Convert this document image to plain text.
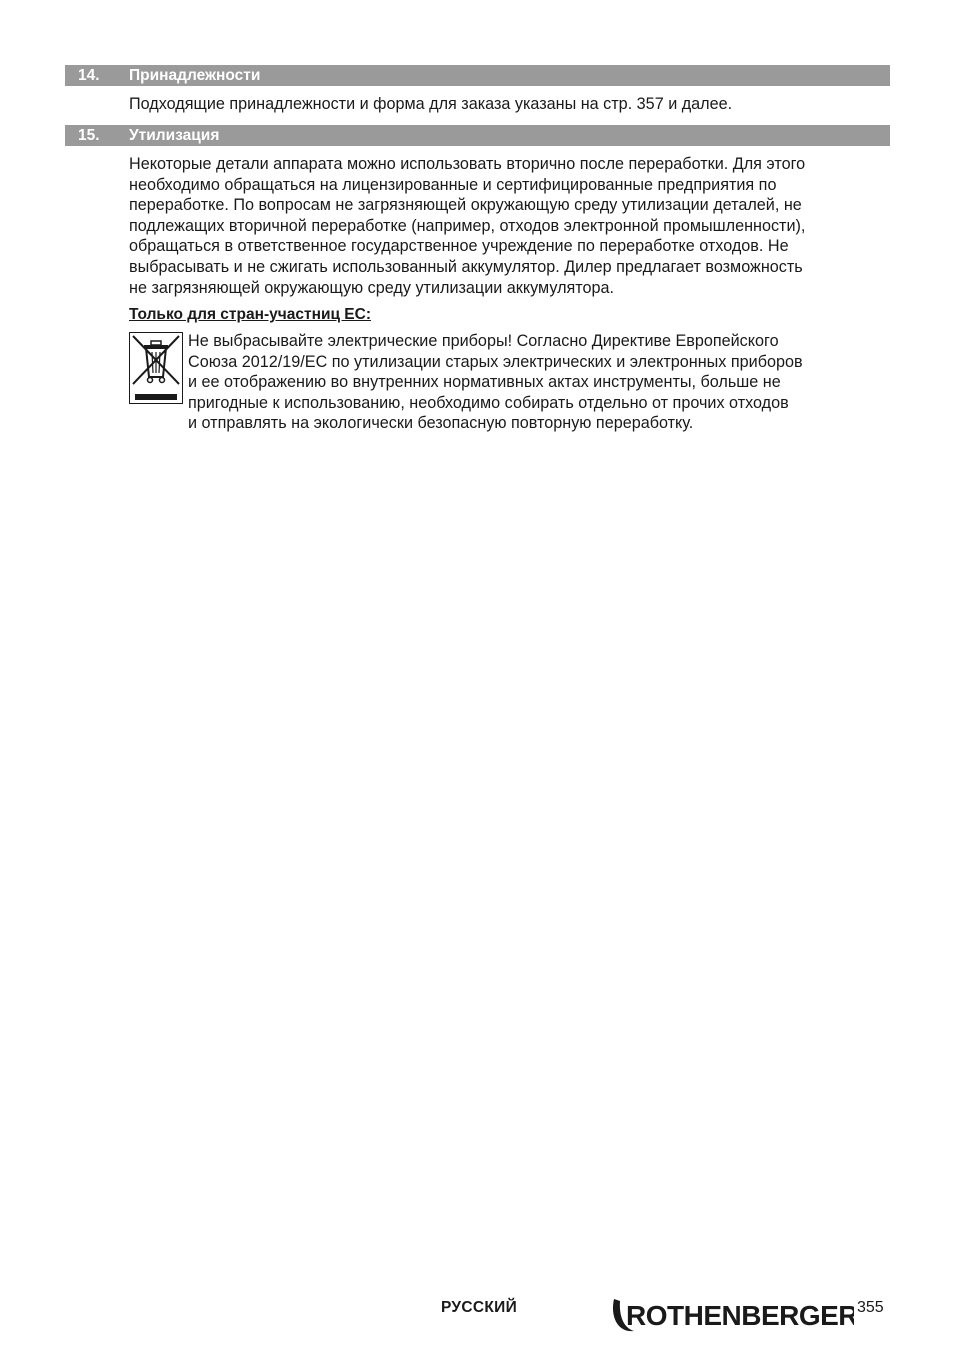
14. Принадлежности

Подходящие принадлежности и форма для заказа указаны на стр. 357 и далее.

15. Утилизация

Некоторые детали аппарата можно использовать вторично после переработки. Для этого
необходимо обращаться на лицензированные и сертифицированные предприятия по
переработке. По вопросам не загрязняющей окружающую среду утилизации деталей, не
подлежащих вторичной переработке (например, отходов электронной промышленности),
обращаться в ответственное государственное учреждение по переработке отходов. Не
выбрасывать и не сжигать использованный аккумулятор. Дилер предлагает возможность
не загрязняющей окружающую среду утилизации аккумулятора.

Только для стран-участниц ЕС:

Не выбрасывайте электрические приборы! Согласно Директиве Европейского
Союза 2012/19/ЕС по утилизации старых электрических и электронных приборов
и ее отображению во внутренних нормативных актах инструменты, больше не
пригодные к использованию, необходимо собирать отдельно от прочих отходов
и отправлять на экологически безопасную повторную переработку.

РУССКИЙ	ROTHENBERGER
355
